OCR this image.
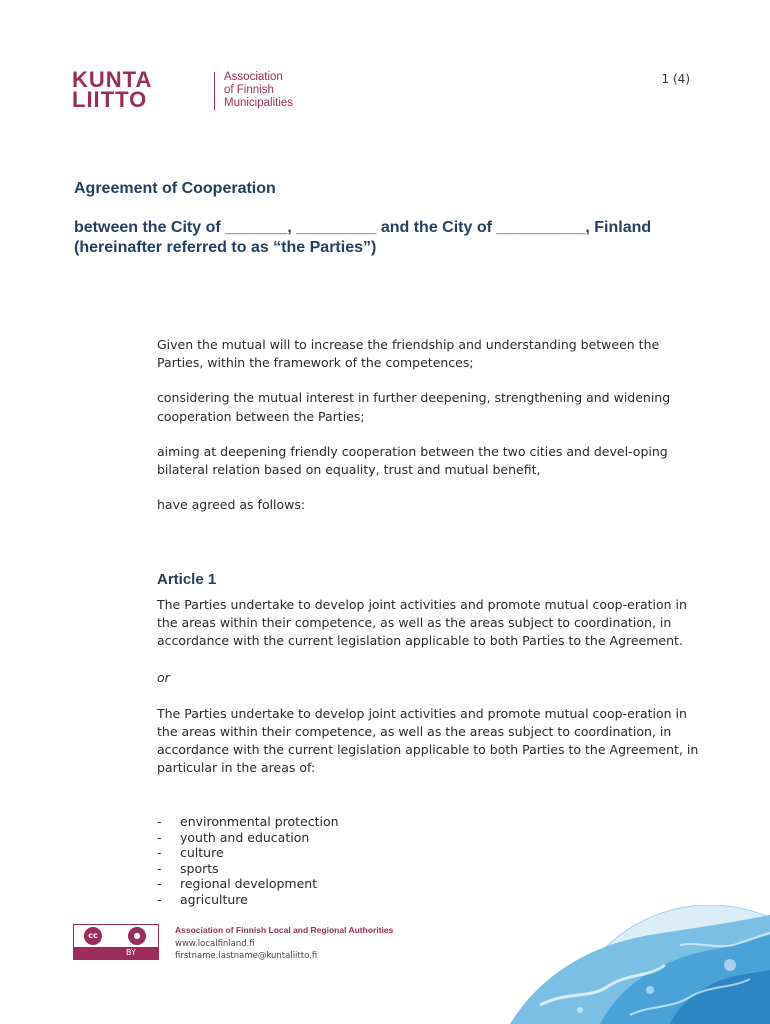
KUNTA
LIITTO
Association
of Finnish
Municipalities
1 (4)
Agreement of Cooperation
between the City of _______, _________ and the City of __________, Finland (hereinafter referred to as “the Parties”)

Given the mutual will to increase the friendship and understanding between the Parties, within the framework of the competences;

considering the mutual interest in further deepening, strengthening and widening cooperation between the Parties;

aiming at deepening friendly cooperation between the two cities and devel-oping bilateral relation based on equality, trust and mutual benefit,

have agreed as follows:

Article 1

The Parties undertake to develop joint activities and promote mutual coop-eration in the areas within their competence, as well as the areas subject to coordination, in accordance with the current legislation applicable to both Parties to the Agreement.

or

The Parties undertake to develop joint activities and promote mutual coop-eration in the areas within their competence, as well as the areas subject to coordination, in accordance with the current legislation applicable to both Parties to the Agreement, in particular in the areas of:

- environmental protection
- youth and education
- culture
- sports
- regional development
- agriculture
cc	●
BY
Association of Finnish Local and Regional Authorities
www.localfinland.fi
firstname.lastname@kuntaliitto.fi
